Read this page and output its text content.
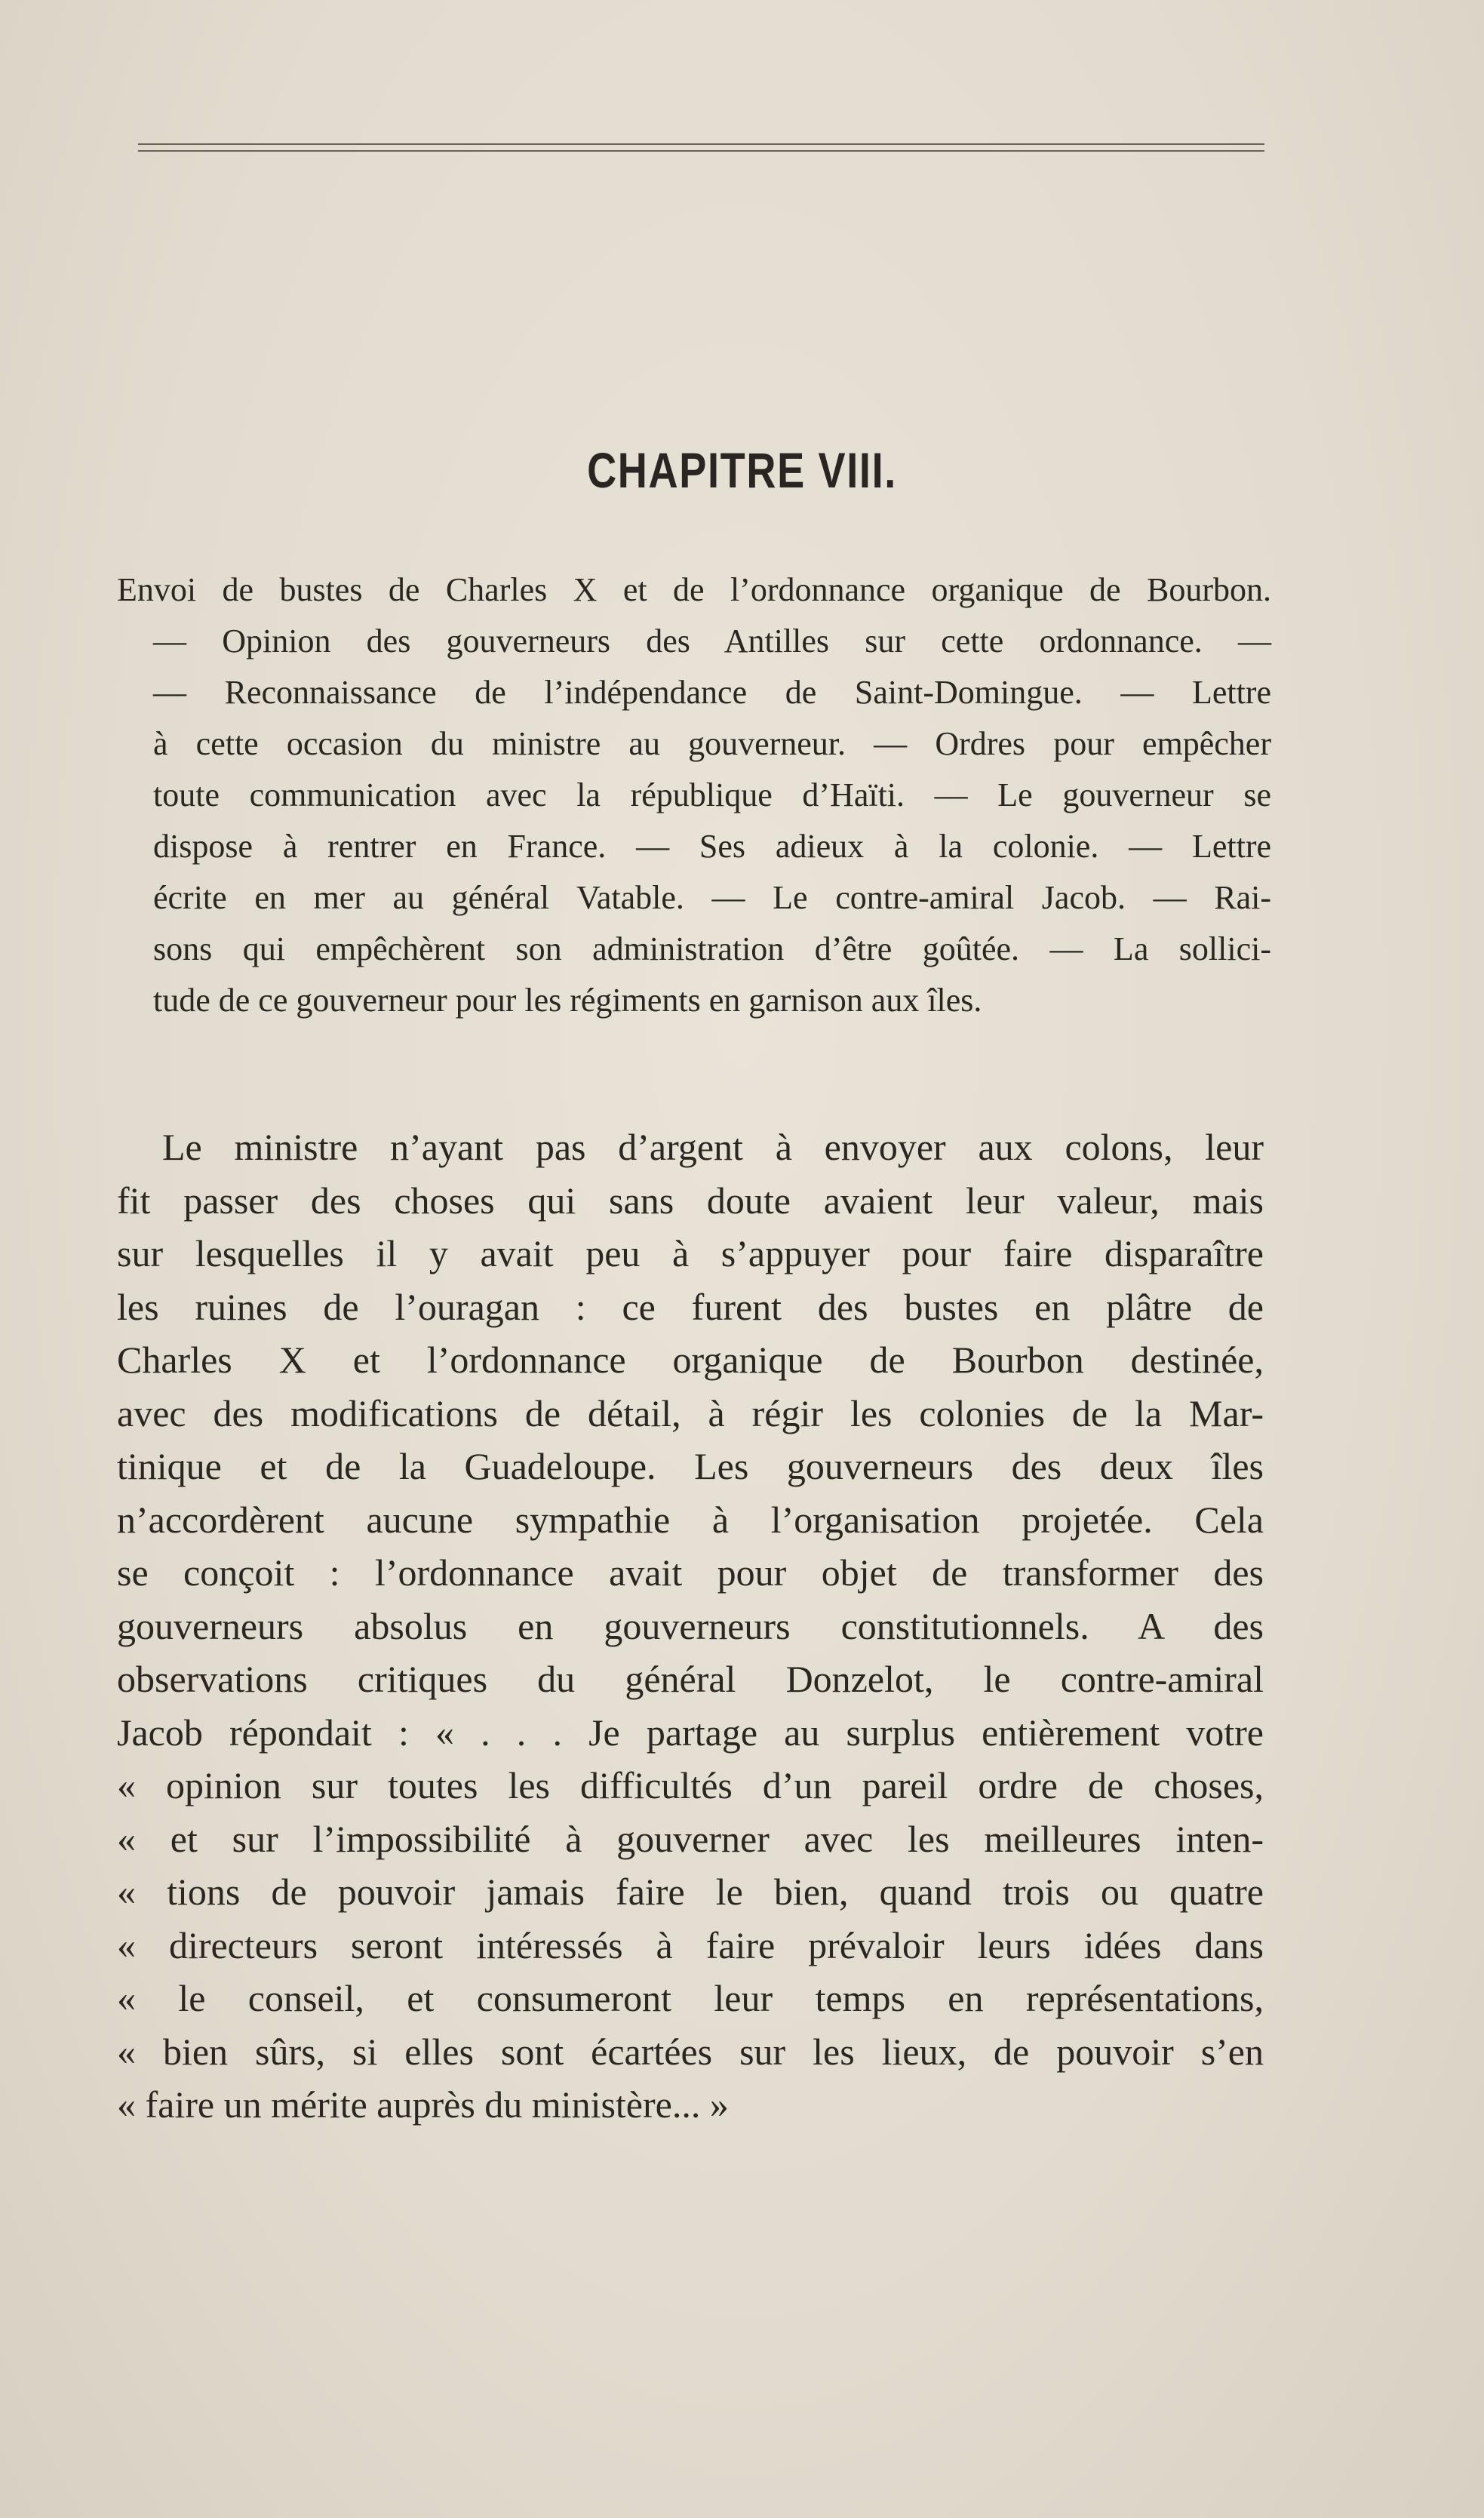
CHAPITRE VIII.
Envoi de bustes de Charles X et de l’ordonnance organique de Bourbon.
— Opinion des gouverneurs des Antilles sur cette ordonnance. —
— Reconnaissance de l’indépendance de Saint-Domingue. — Lettre
à cette occasion du ministre au gouverneur. — Ordres pour empêcher
toute communication avec la république d’Haïti. — Le gouverneur se
dispose à rentrer en France. — Ses adieux à la colonie. — Lettre
écrite en mer au général Vatable. — Le contre-amiral Jacob. — Rai-
sons qui empêchèrent son administration d’être goûtée. — La sollici-
tude de ce gouverneur pour les régiments en garnison aux îles.
Le ministre n’ayant pas d’argent à envoyer aux colons, leur
fit passer des choses qui sans doute avaient leur valeur, mais
sur lesquelles il y avait peu à s’appuyer pour faire disparaître
les ruines de l’ouragan : ce furent des bustes en plâtre de
Charles X et l’ordonnance organique de Bourbon destinée,
avec des modifications de détail, à régir les colonies de la Mar-
tinique et de la Guadeloupe. Les gouverneurs des deux îles
n’accordèrent aucune sympathie à l’organisation projetée. Cela
se conçoit : l’ordonnance avait pour objet de transformer des
gouverneurs absolus en gouverneurs constitutionnels. A des
observations critiques du général Donzelot, le contre-amiral
Jacob répondait : « . . . Je partage au surplus entièrement votre
« opinion sur toutes les difficultés d’un pareil ordre de choses,
« et sur l’impossibilité à gouverner avec les meilleures inten-
« tions de pouvoir jamais faire le bien, quand trois ou quatre
« directeurs seront intéressés à faire prévaloir leurs idées dans
« le conseil, et consumeront leur temps en représentations,
« bien sûrs, si elles sont écartées sur les lieux, de pouvoir s’en
« faire un mérite auprès du ministère... »
